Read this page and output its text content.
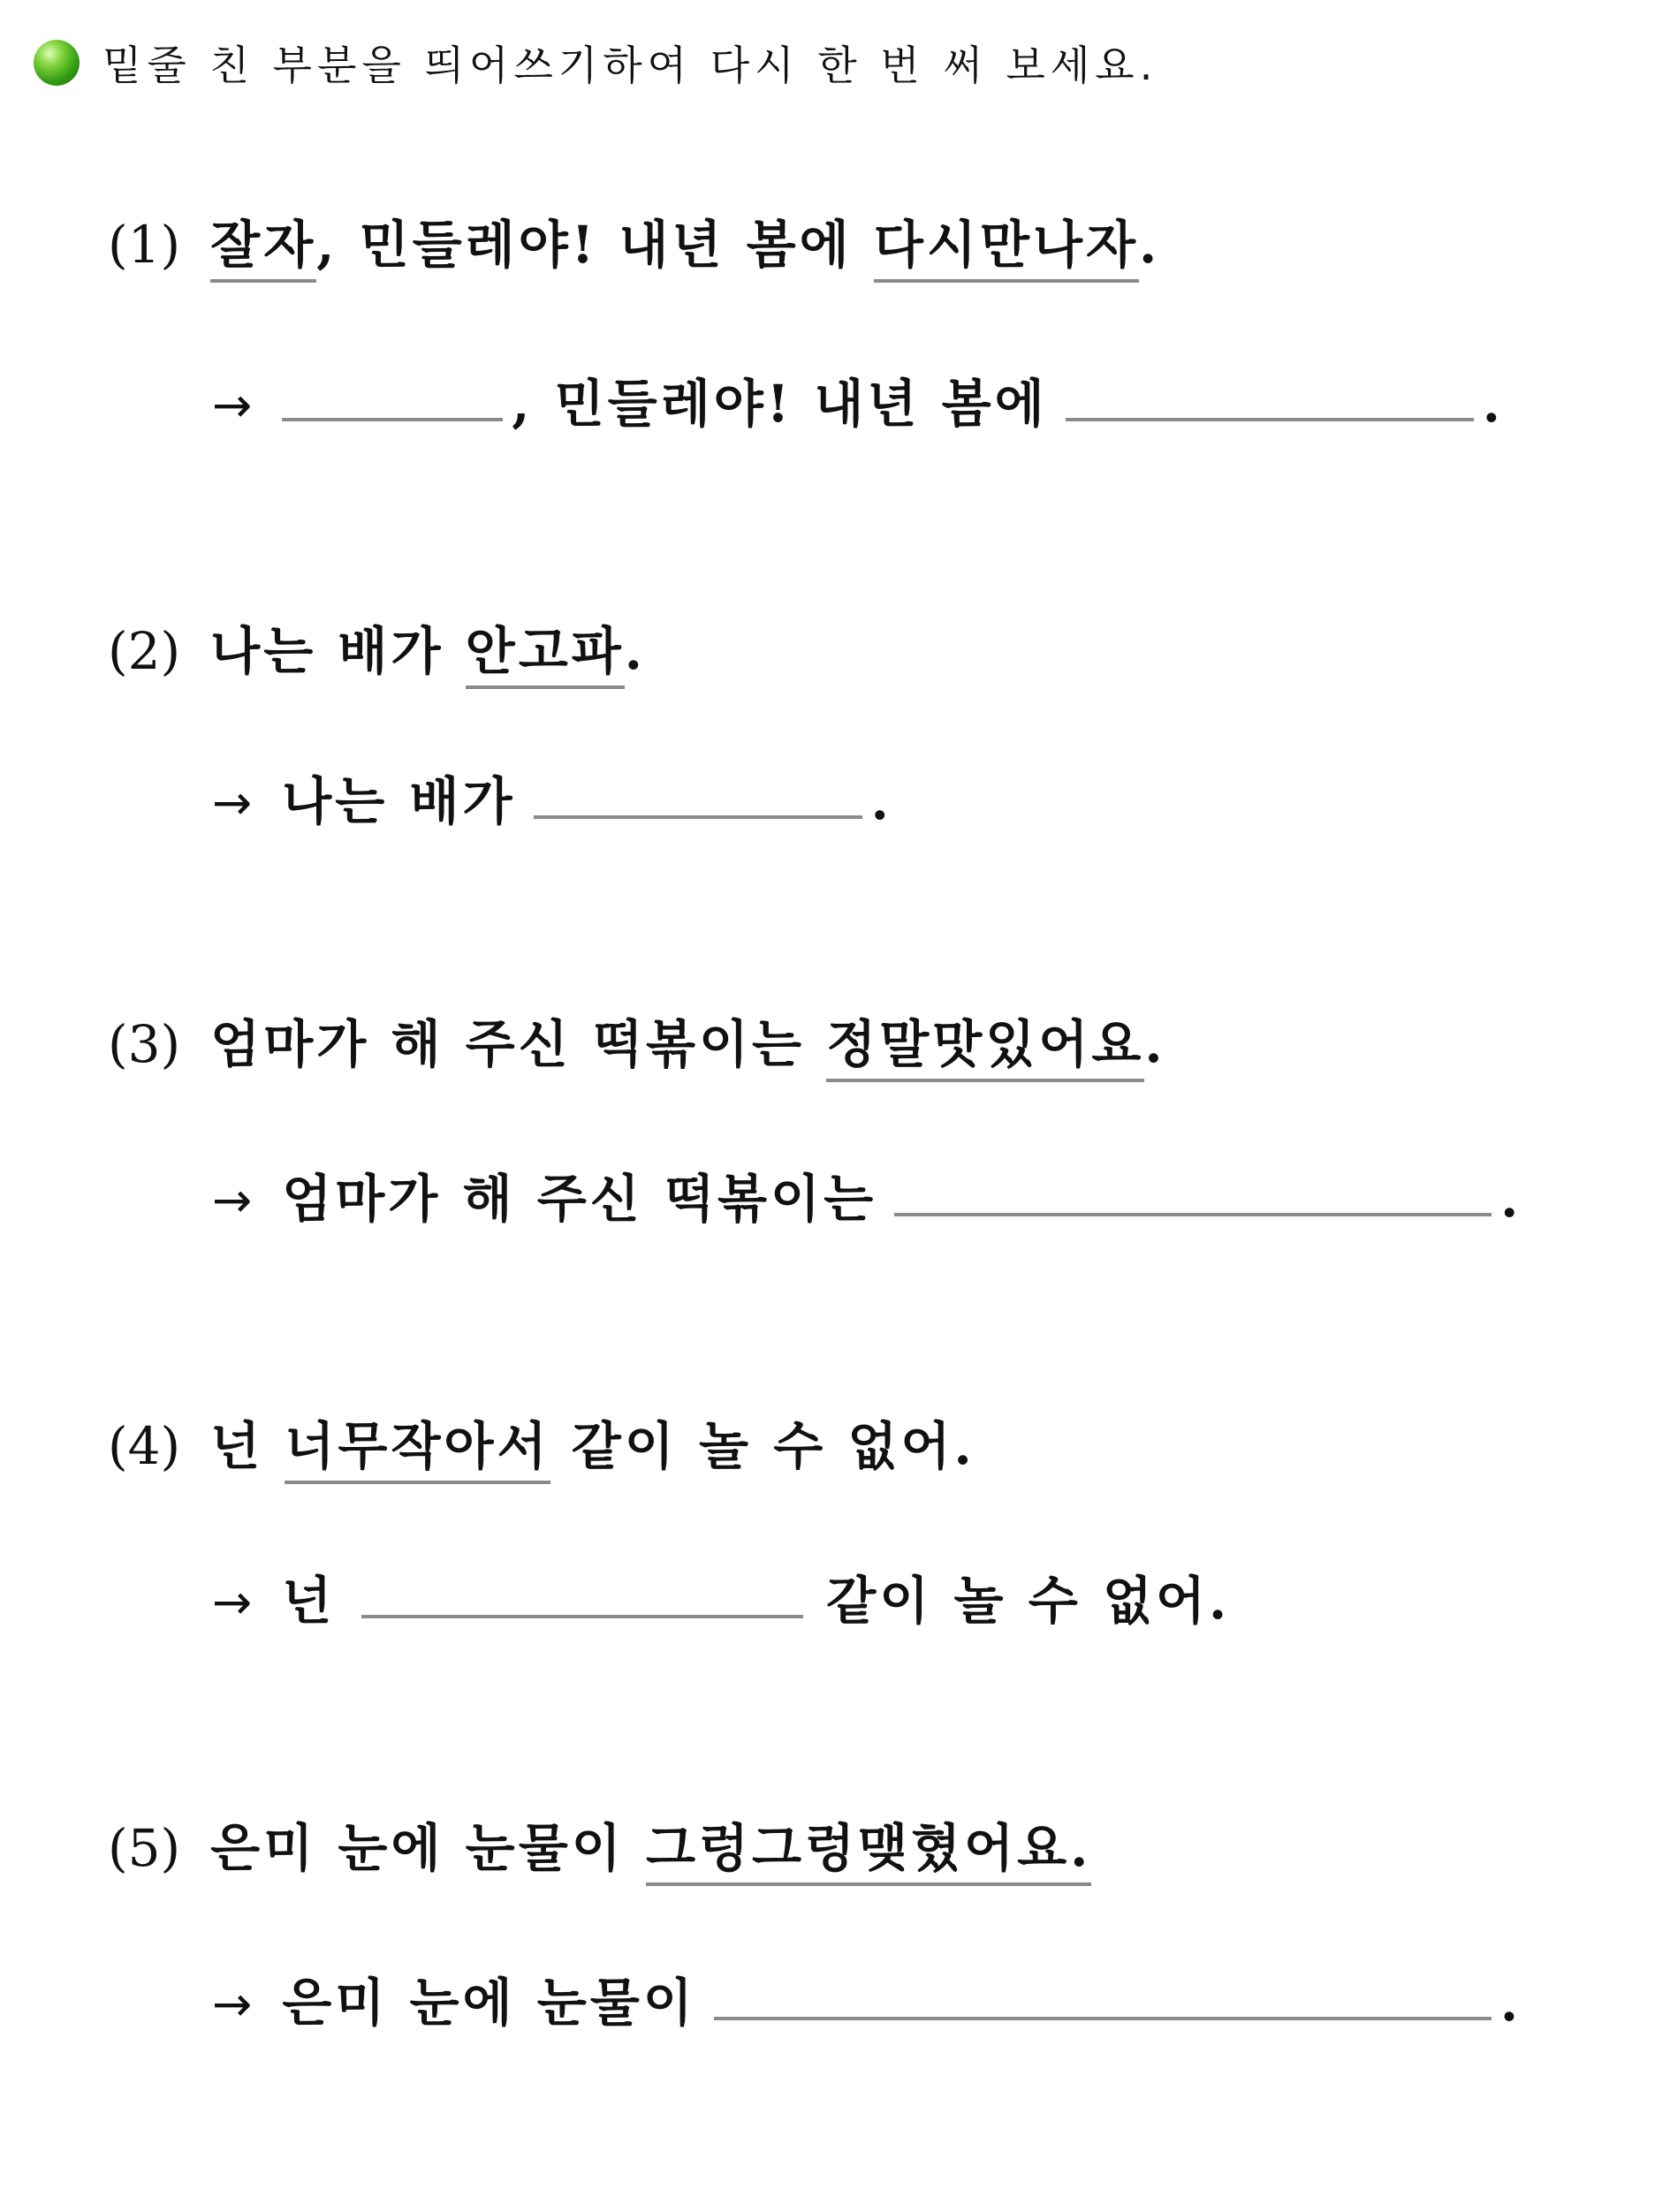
밑줄 친 부분을 띄어쓰기하여 다시 한 번 써 보세요.
(1) 잘자 , 민들레야! 내년 봄에 다시만나자 .
→	, 민들레야! 내년 봄에	.
(2) 나는 배가 안고파 .
→ 나는 배가	.
(3) 엄마가 해 주신 떡볶이는 정말맛있어요 .
→ 엄마가 해 주신 떡볶이는	.
(4) 넌 너무작아서 같이 놀 수 없어.
→ 넌	같이 놀 수 없어.
(5) 은미 눈에 눈물이 그렁그렁맺혔어요.
→ 은미 눈에 눈물이	.
